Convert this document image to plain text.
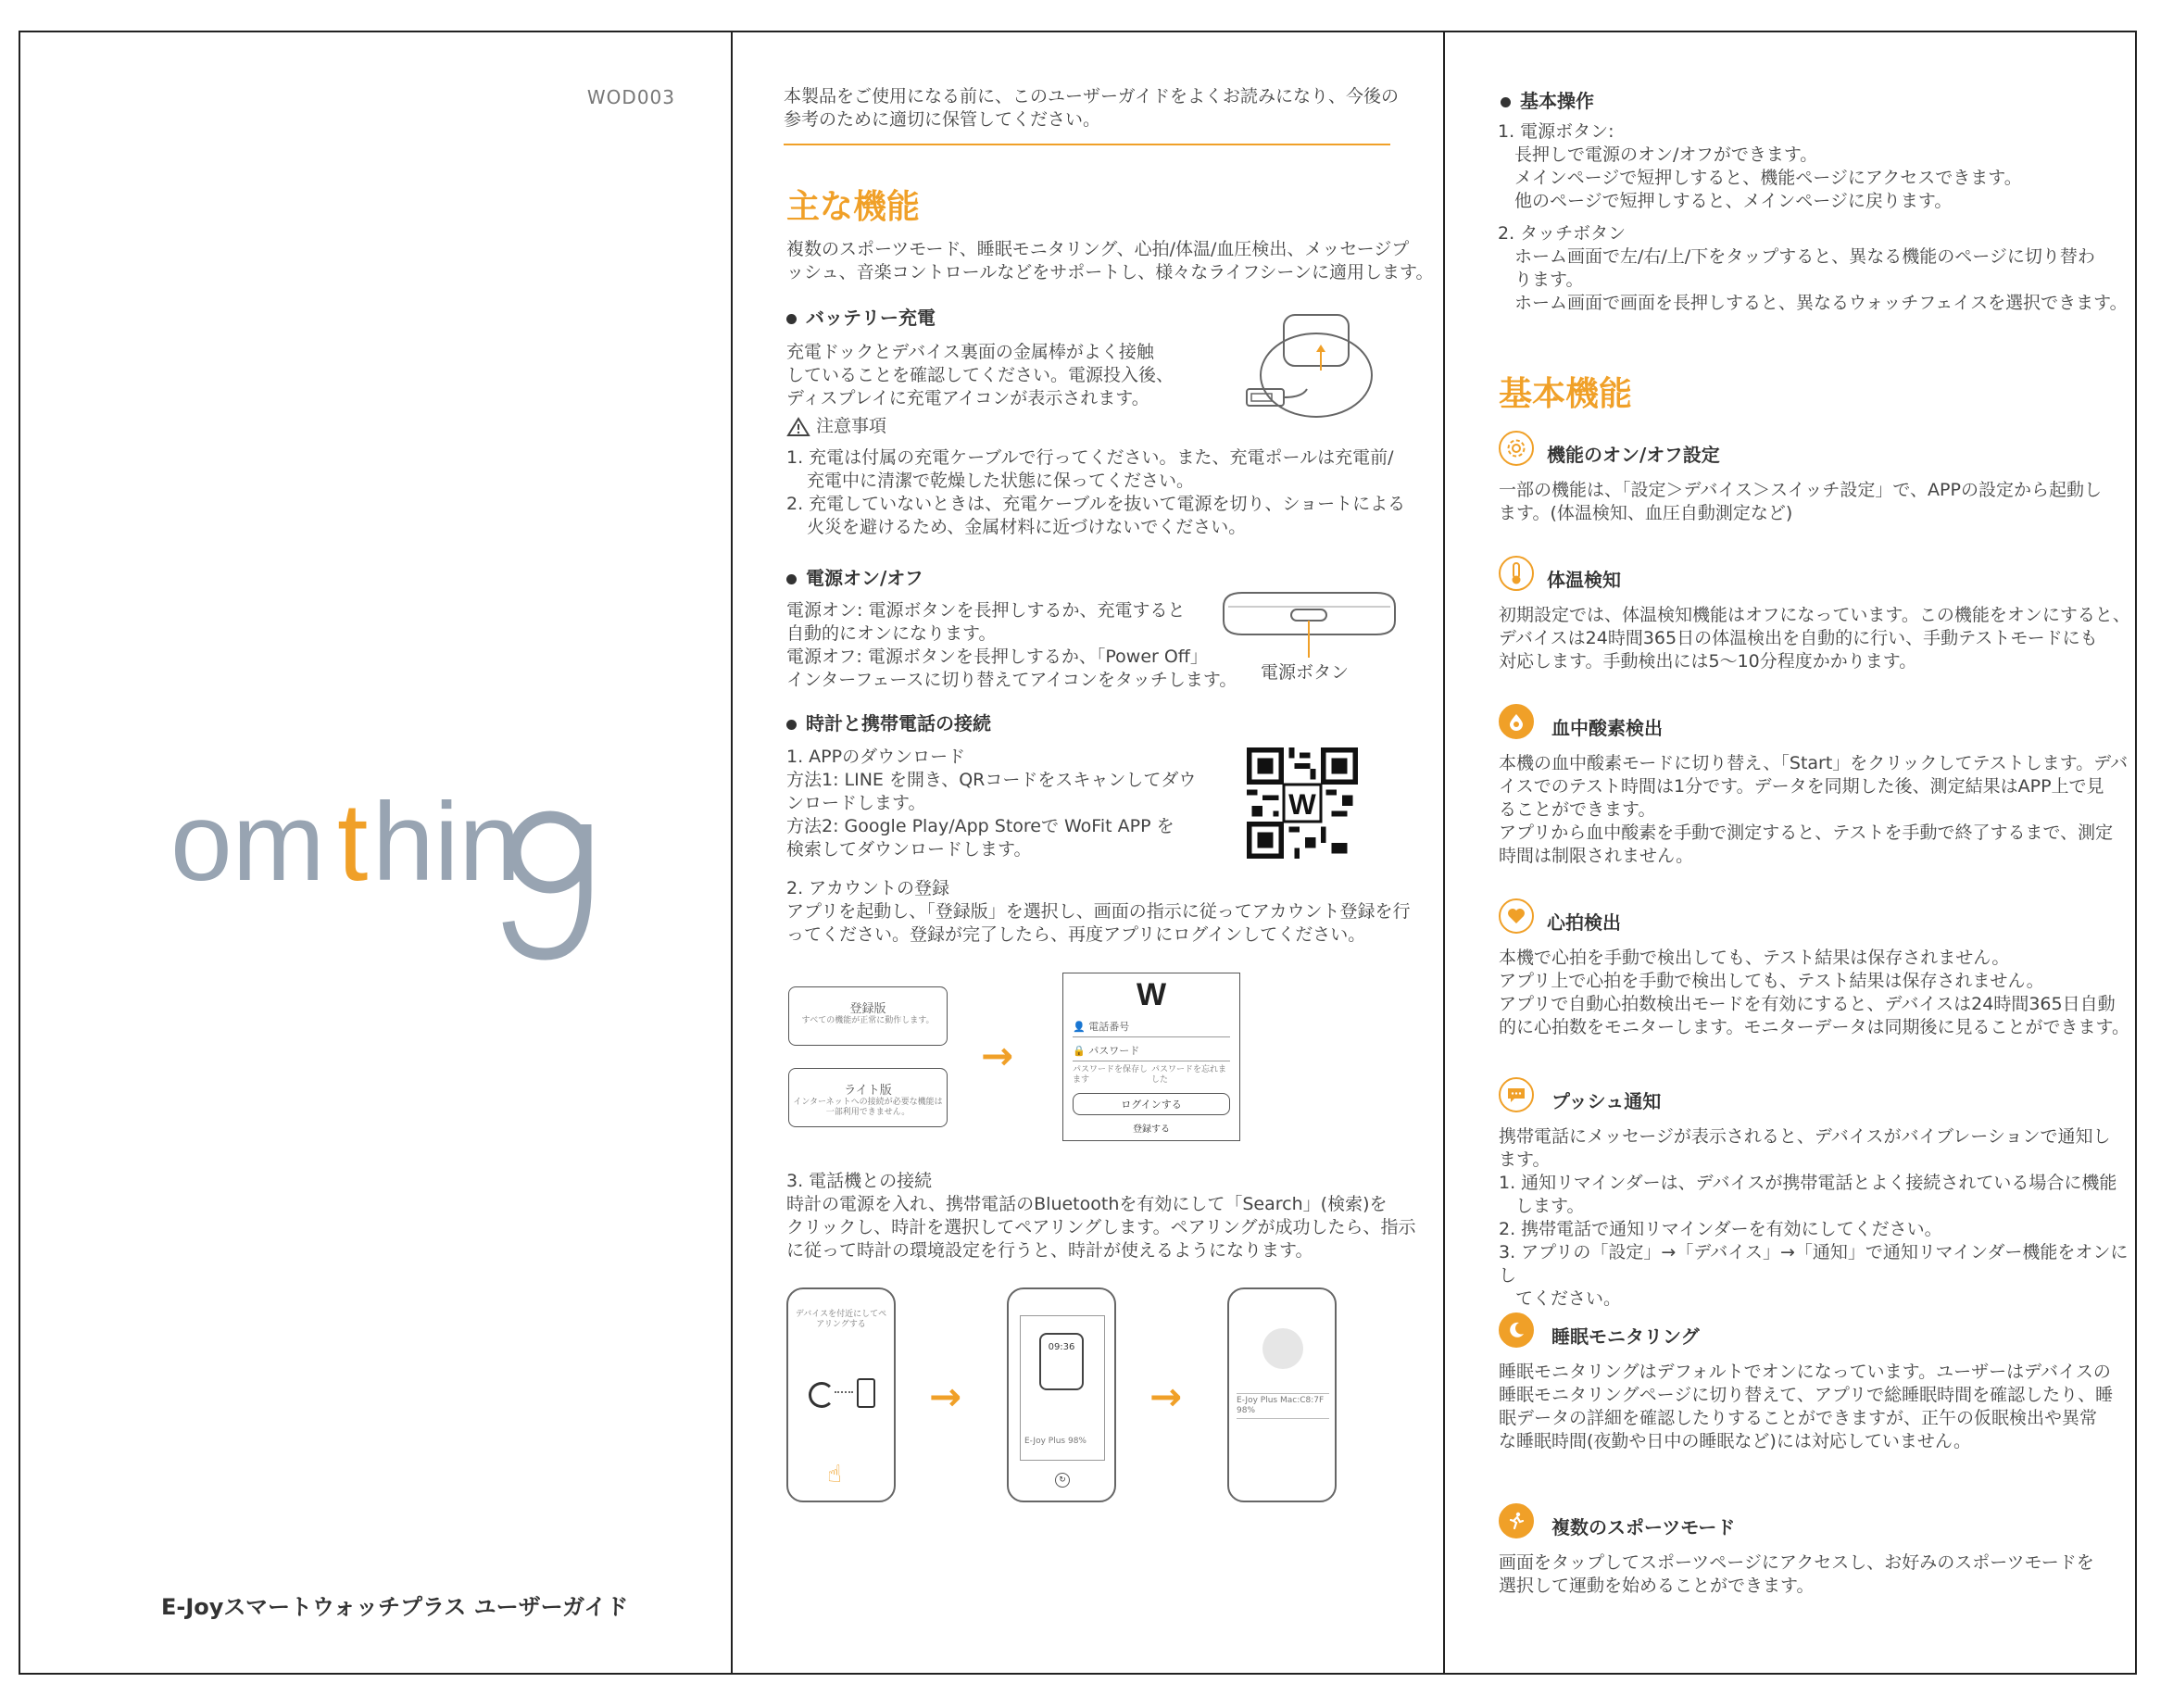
WOD003
om t hin
E-Joyスマートウォッチプラス ユーザーガイド
本製品をご使用になる前に、このユーザーガイドをよくお読みになり、今後の
参考のために適切に保管してください。
主な機能
複数のスポーツモード、睡眠モニタリング、心拍/体温/血圧検出、メッセージプ
ッシュ、音楽コントロールなどをサポートし、様々なライフシーンに適用します。
バッテリー充電
充電ドックとデバイス裏面の金属棒がよく接触
していることを確認してください。電源投入後、
ディスプレイに充電アイコンが表示されます。
注意事項
1. 充電は付属の充電ケーブルで行ってください。また、充電ポールは充電前/
充電中に清潔で乾燥した状態に保ってください。
2. 充電していないときは、充電ケーブルを抜いて電源を切り、ショートによる
火災を避けるため、金属材料に近づけないでください。
電源オン/オフ
電源オン: 電源ボタンを長押しするか、充電すると
自動的にオンになります。
電源オフ: 電源ボタンを長押しするか、「Power Off」
インターフェースに切り替えてアイコンをタッチします。 電源ボタン
時計と携帯電話の接続
1. APPのダウンロード
方法1: LINE を開き、QRコードをスキャンしてダウ
ンロードします。
方法2: Google Play/App Storeで WoFit APP を
検索してダウンロードします。
W
2. アカウントの登録
アプリを起動し、「登録版」を選択し、画面の指示に従ってアカウント登録を行
ってください。登録が完了したら、再度アプリにログインしてください。
登録版
すべての機能が正常に動作します。
ライト版
インターネットへの接続が必要な機能は一部利用できません。
→
W
👤 電話番号
🔒 パスワード
パスワードを保存します
パスワードを忘れました
ログインする
登録する
3. 電話機との接続
時計の電源を入れ、携帯電話のBluetoothを有効にして「Search」(検索)を
クリックし、時計を選択してペアリングします。ペアリングが成功したら、指示
に従って時計の環境設定を行うと、時計が使えるようになります。
デバイスを付近にしてペアリングする
☝
→
09:36
E-Joy Plus 98%
↻
→	E-Joy Plus Mac:C8:7F 98%
基本操作
1. 電源ボタン:
長押しで電源のオン/オフができます。
メインページで短押しすると、機能ページにアクセスできます。
他のページで短押しすると、メインページに戻ります。
2. タッチボタン
ホーム画面で左/右/上/下をタップすると、異なる機能のページに切り替わ
ります。
ホーム画面で画面を長押しすると、異なるウォッチフェイスを選択できます。
基本機能
機能のオン/オフ設定
一部の機能は、「設定＞デバイス＞スイッチ設定」で、APPの設定から起動し
ます。(体温検知、血圧自動測定など)
体温検知
初期設定では、体温検知機能はオフになっています。この機能をオンにすると、
デバイスは24時間365日の体温検出を自動的に行い、手動テストモードにも
対応します。手動検出には5〜10分程度かかります。
血中酸素検出
本機の血中酸素モードに切り替え、「Start」をクリックしてテストします。デバ
イスでのテスト時間は1分です。データを同期した後、測定結果はAPP上で見
ることができます。
アプリから血中酸素を手動で測定すると、テストを手動で終了するまで、測定
時間は制限されません。
心拍検出
本機で心拍を手動で検出しても、テスト結果は保存されません。
アプリ上で心拍を手動で検出しても、テスト結果は保存されません。
アプリで自動心拍数検出モードを有効にすると、デバイスは24時間365日自動
的に心拍数をモニターします。モニターデータは同期後に見ることができます。
プッシュ通知
携帯電話にメッセージが表示されると、デバイスがバイブレーションで通知し
ます。
1. 通知リマインダーは、デバイスが携帯電話とよく接続されている場合に機能
します。
2. 携帯電話で通知リマインダーを有効にしてください。
3. アプリの「設定」→「デバイス」→「通知」で通知リマインダー機能をオンにし
てください。
睡眠モニタリング
睡眠モニタリングはデフォルトでオンになっています。ユーザーはデバイスの
睡眠モニタリングページに切り替えて、アプリで総睡眠時間を確認したり、睡
眠データの詳細を確認したりすることができますが、正午の仮眠検出や異常
な睡眠時間(夜勤や日中の睡眠など)には対応していません。
複数のスポーツモード
画面をタップしてスポーツページにアクセスし、お好みのスポーツモードを
選択して運動を始めることができます。
